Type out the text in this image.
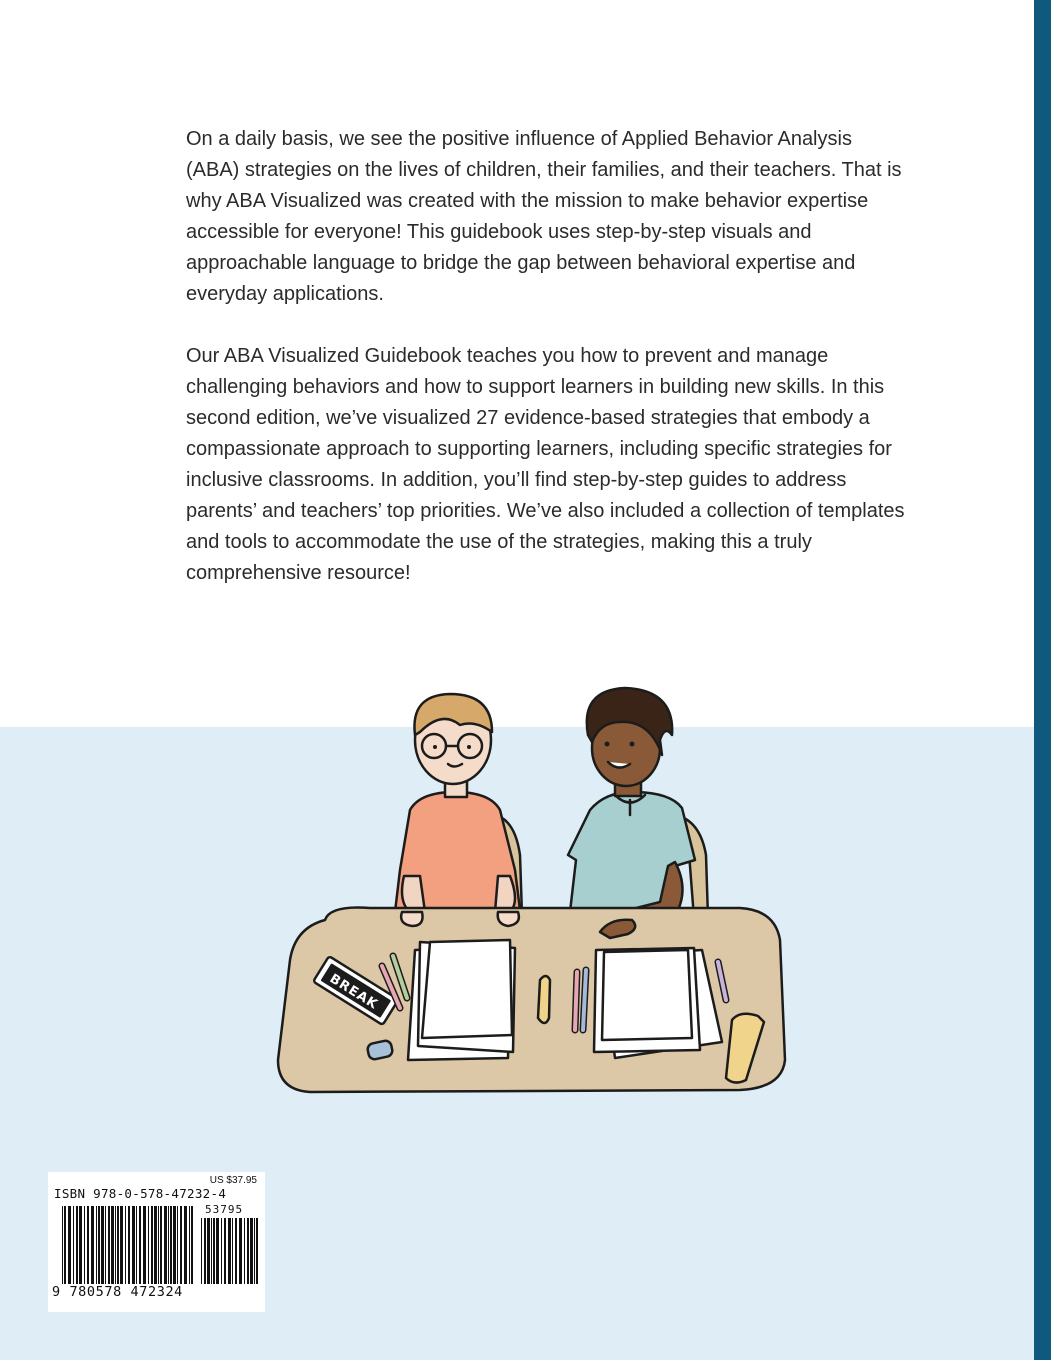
On a daily basis, we see the positive influence of Applied Behavior Analysis (ABA) strategies on the lives of children, their families, and their teachers. That is why ABA Visualized was created with the mission to make behavior expertise accessible for everyone! This guidebook uses step-by-step visuals and approachable language to bridge the gap between behavioral expertise and everyday applications.

Our ABA Visualized Guidebook teaches you how to prevent and manage challenging behaviors and how to support learners in building new skills. In this second edition, we’ve visualized 27 evidence-based strategies that embody a compassionate approach to supporting learners, including specific strategies for inclusive classrooms. In addition, you’ll find step-by-step guides to address parents’ and teachers’ top priorities. We’ve also included a collection of templates and tools to accommodate the use of the strategies, making this a truly comprehensive resource!

BREAK
US $37.95
ISBN 978-0-578-47232-4
53795
9 780578 472324
